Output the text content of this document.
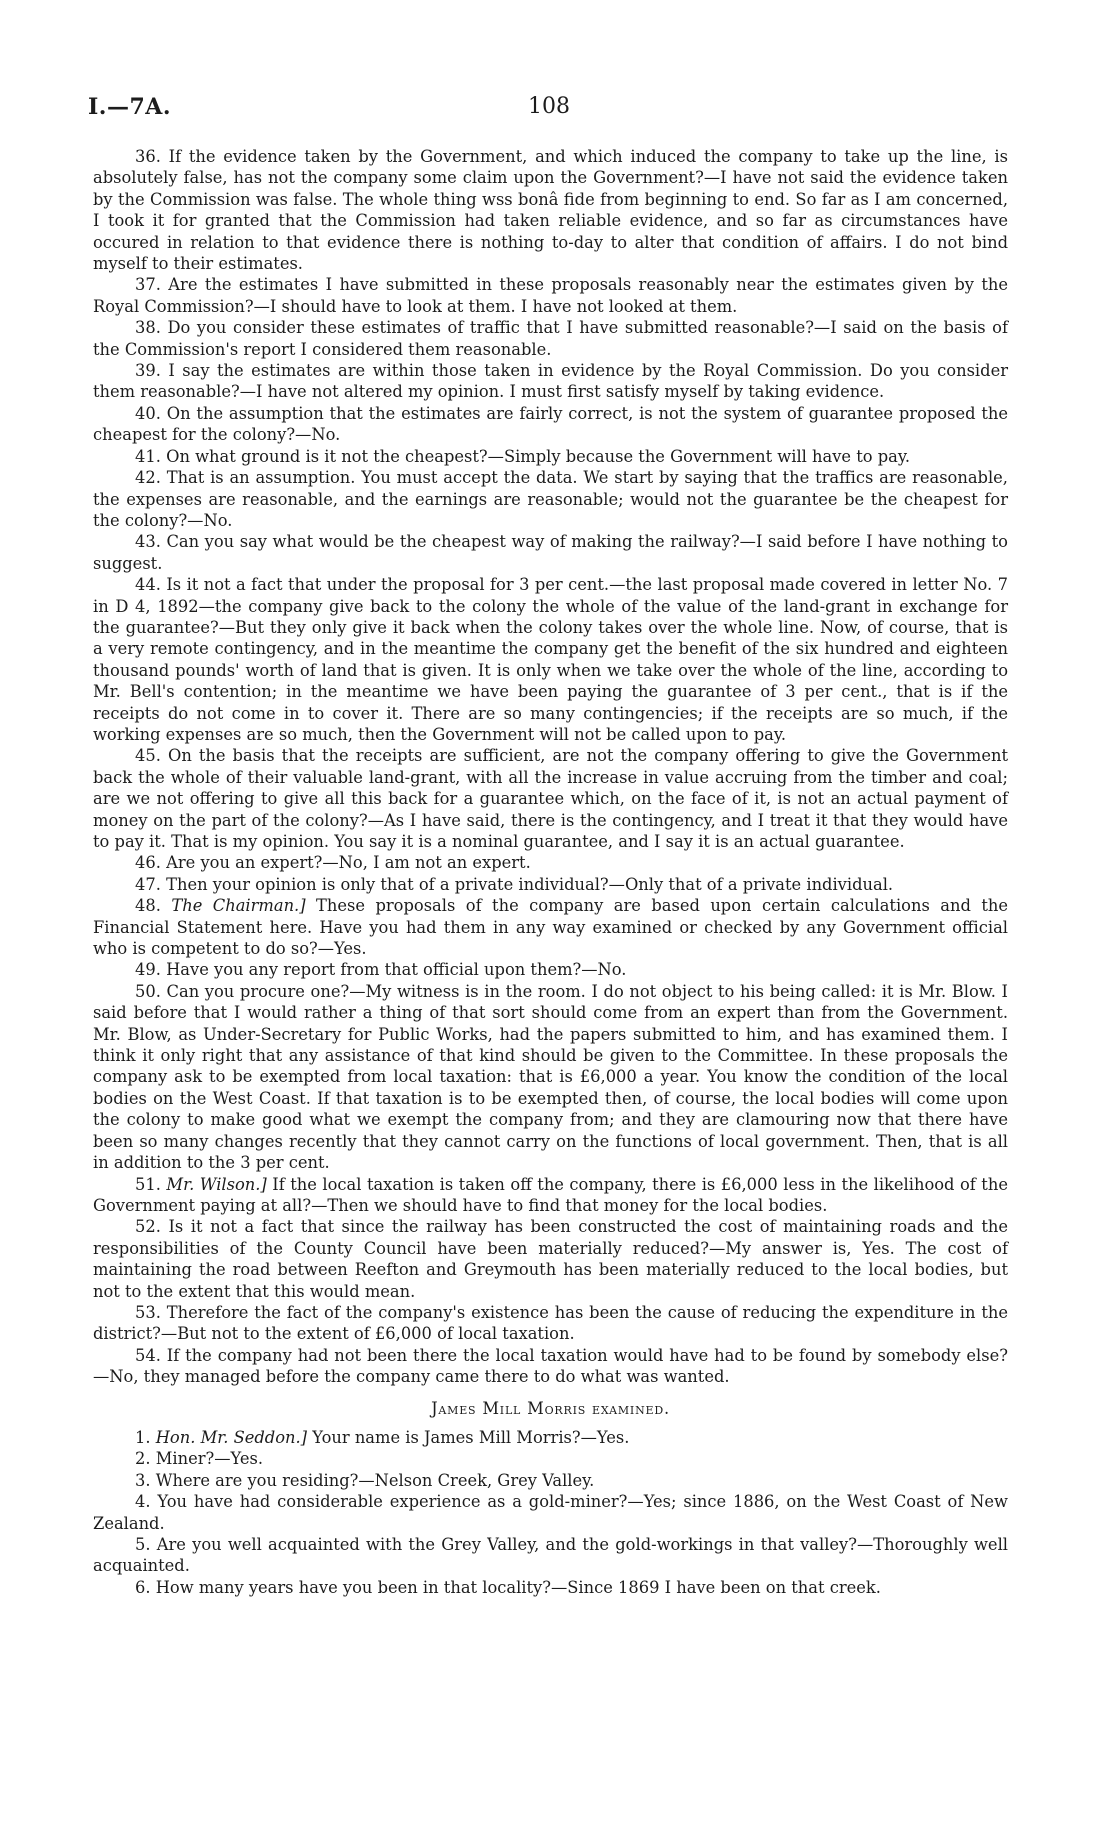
I.—7A.	108

36. If the evidence taken by the Government, and which induced the company to take up the line, is absolutely false, has not the company some claim upon the Government?—I have not said the evidence taken by the Commission was false. The whole thing wss bonâ fide from beginning to end. So far as I am concerned, I took it for granted that the Commission had taken reliable evidence, and so far as circumstances have occured in relation to that evidence there is nothing to-day to alter that condition of affairs. I do not bind myself to their estimates.

37. Are the estimates I have submitted in these proposals reasonably near the estimates given by the Royal Commission?—I should have to look at them. I have not looked at them.

38. Do you consider these estimates of traffic that I have submitted reasonable?—I said on the basis of the Commission's report I considered them reasonable.

39. I say the estimates are within those taken in evidence by the Royal Commission. Do you consider them reasonable?—I have not altered my opinion. I must first satisfy myself by taking evidence.

40. On the assumption that the estimates are fairly correct, is not the system of guarantee proposed the cheapest for the colony?—No.

41. On what ground is it not the cheapest?—Simply because the Government will have to pay.

42. That is an assumption. You must accept the data. We start by saying that the traffics are reasonable, the expenses are reasonable, and the earnings are reasonable; would not the guarantee be the cheapest for the colony?—No.

43. Can you say what would be the cheapest way of making the railway?—I said before I have nothing to suggest.

44. Is it not a fact that under the proposal for 3 per cent.—the last proposal made covered in letter No. 7 in D 4, 1892—the company give back to the colony the whole of the value of the land-grant in exchange for the guarantee?—But they only give it back when the colony takes over the whole line. Now, of course, that is a very remote contingency, and in the meantime the company get the benefit of the six hundred and eighteen thousand pounds' worth of land that is given. It is only when we take over the whole of the line, according to Mr. Bell's contention; in the meantime we have been paying the guarantee of 3 per cent., that is if the receipts do not come in to cover it. There are so many contingencies; if the receipts are so much, if the working expenses are so much, then the Government will not be called upon to pay.

45. On the basis that the receipts are sufficient, are not the company offering to give the Government back the whole of their valuable land-grant, with all the increase in value accruing from the timber and coal; are we not offering to give all this back for a guarantee which, on the face of it, is not an actual payment of money on the part of the colony?—As I have said, there is the contingency, and I treat it that they would have to pay it. That is my opinion. You say it is a nominal guarantee, and I say it is an actual guarantee.

46. Are you an expert?—No, I am not an expert.

47. Then your opinion is only that of a private individual?—Only that of a private individual.

48. The Chairman.] These proposals of the company are based upon certain calculations and the Financial Statement here. Have you had them in any way examined or checked by any Government official who is competent to do so?—Yes.

49. Have you any report from that official upon them?—No.

50. Can you procure one?—My witness is in the room. I do not object to his being called: it is Mr. Blow. I said before that I would rather a thing of that sort should come from an expert than from the Government. Mr. Blow, as Under-Secretary for Public Works, had the papers submitted to him, and has examined them. I think it only right that any assistance of that kind should be given to the Committee. In these proposals the company ask to be exempted from local taxation: that is £6,000 a year. You know the condition of the local bodies on the West Coast. If that taxation is to be exempted then, of course, the local bodies will come upon the colony to make good what we exempt the company from; and they are clamouring now that there have been so many changes recently that they cannot carry on the functions of local government. Then, that is all in addition to the 3 per cent.

51. Mr. Wilson.] If the local taxation is taken off the company, there is £6,000 less in the likelihood of the Government paying at all?—Then we should have to find that money for the local bodies.

52. Is it not a fact that since the railway has been constructed the cost of maintaining roads and the responsibilities of the County Council have been materially reduced?—My answer is, Yes. The cost of maintaining the road between Reefton and Greymouth has been materially reduced to the local bodies, but not to the extent that this would mean.

53. Therefore the fact of the company's existence has been the cause of reducing the expenditure in the district?—But not to the extent of £6,000 of local taxation.

54. If the company had not been there the local taxation would have had to be found by somebody else?—No, they managed before the company came there to do what was wanted.

James Mill Morris examined.

1. Hon. Mr. Seddon.] Your name is James Mill Morris?—Yes.

2. Miner?—Yes.

3. Where are you residing?—Nelson Creek, Grey Valley.

4. You have had considerable experience as a gold-miner?—Yes; since 1886, on the West Coast of New Zealand.

5. Are you well acquainted with the Grey Valley, and the gold-workings in that valley?—Thoroughly well acquainted.

6. How many years have you been in that locality?—Since 1869 I have been on that creek.
